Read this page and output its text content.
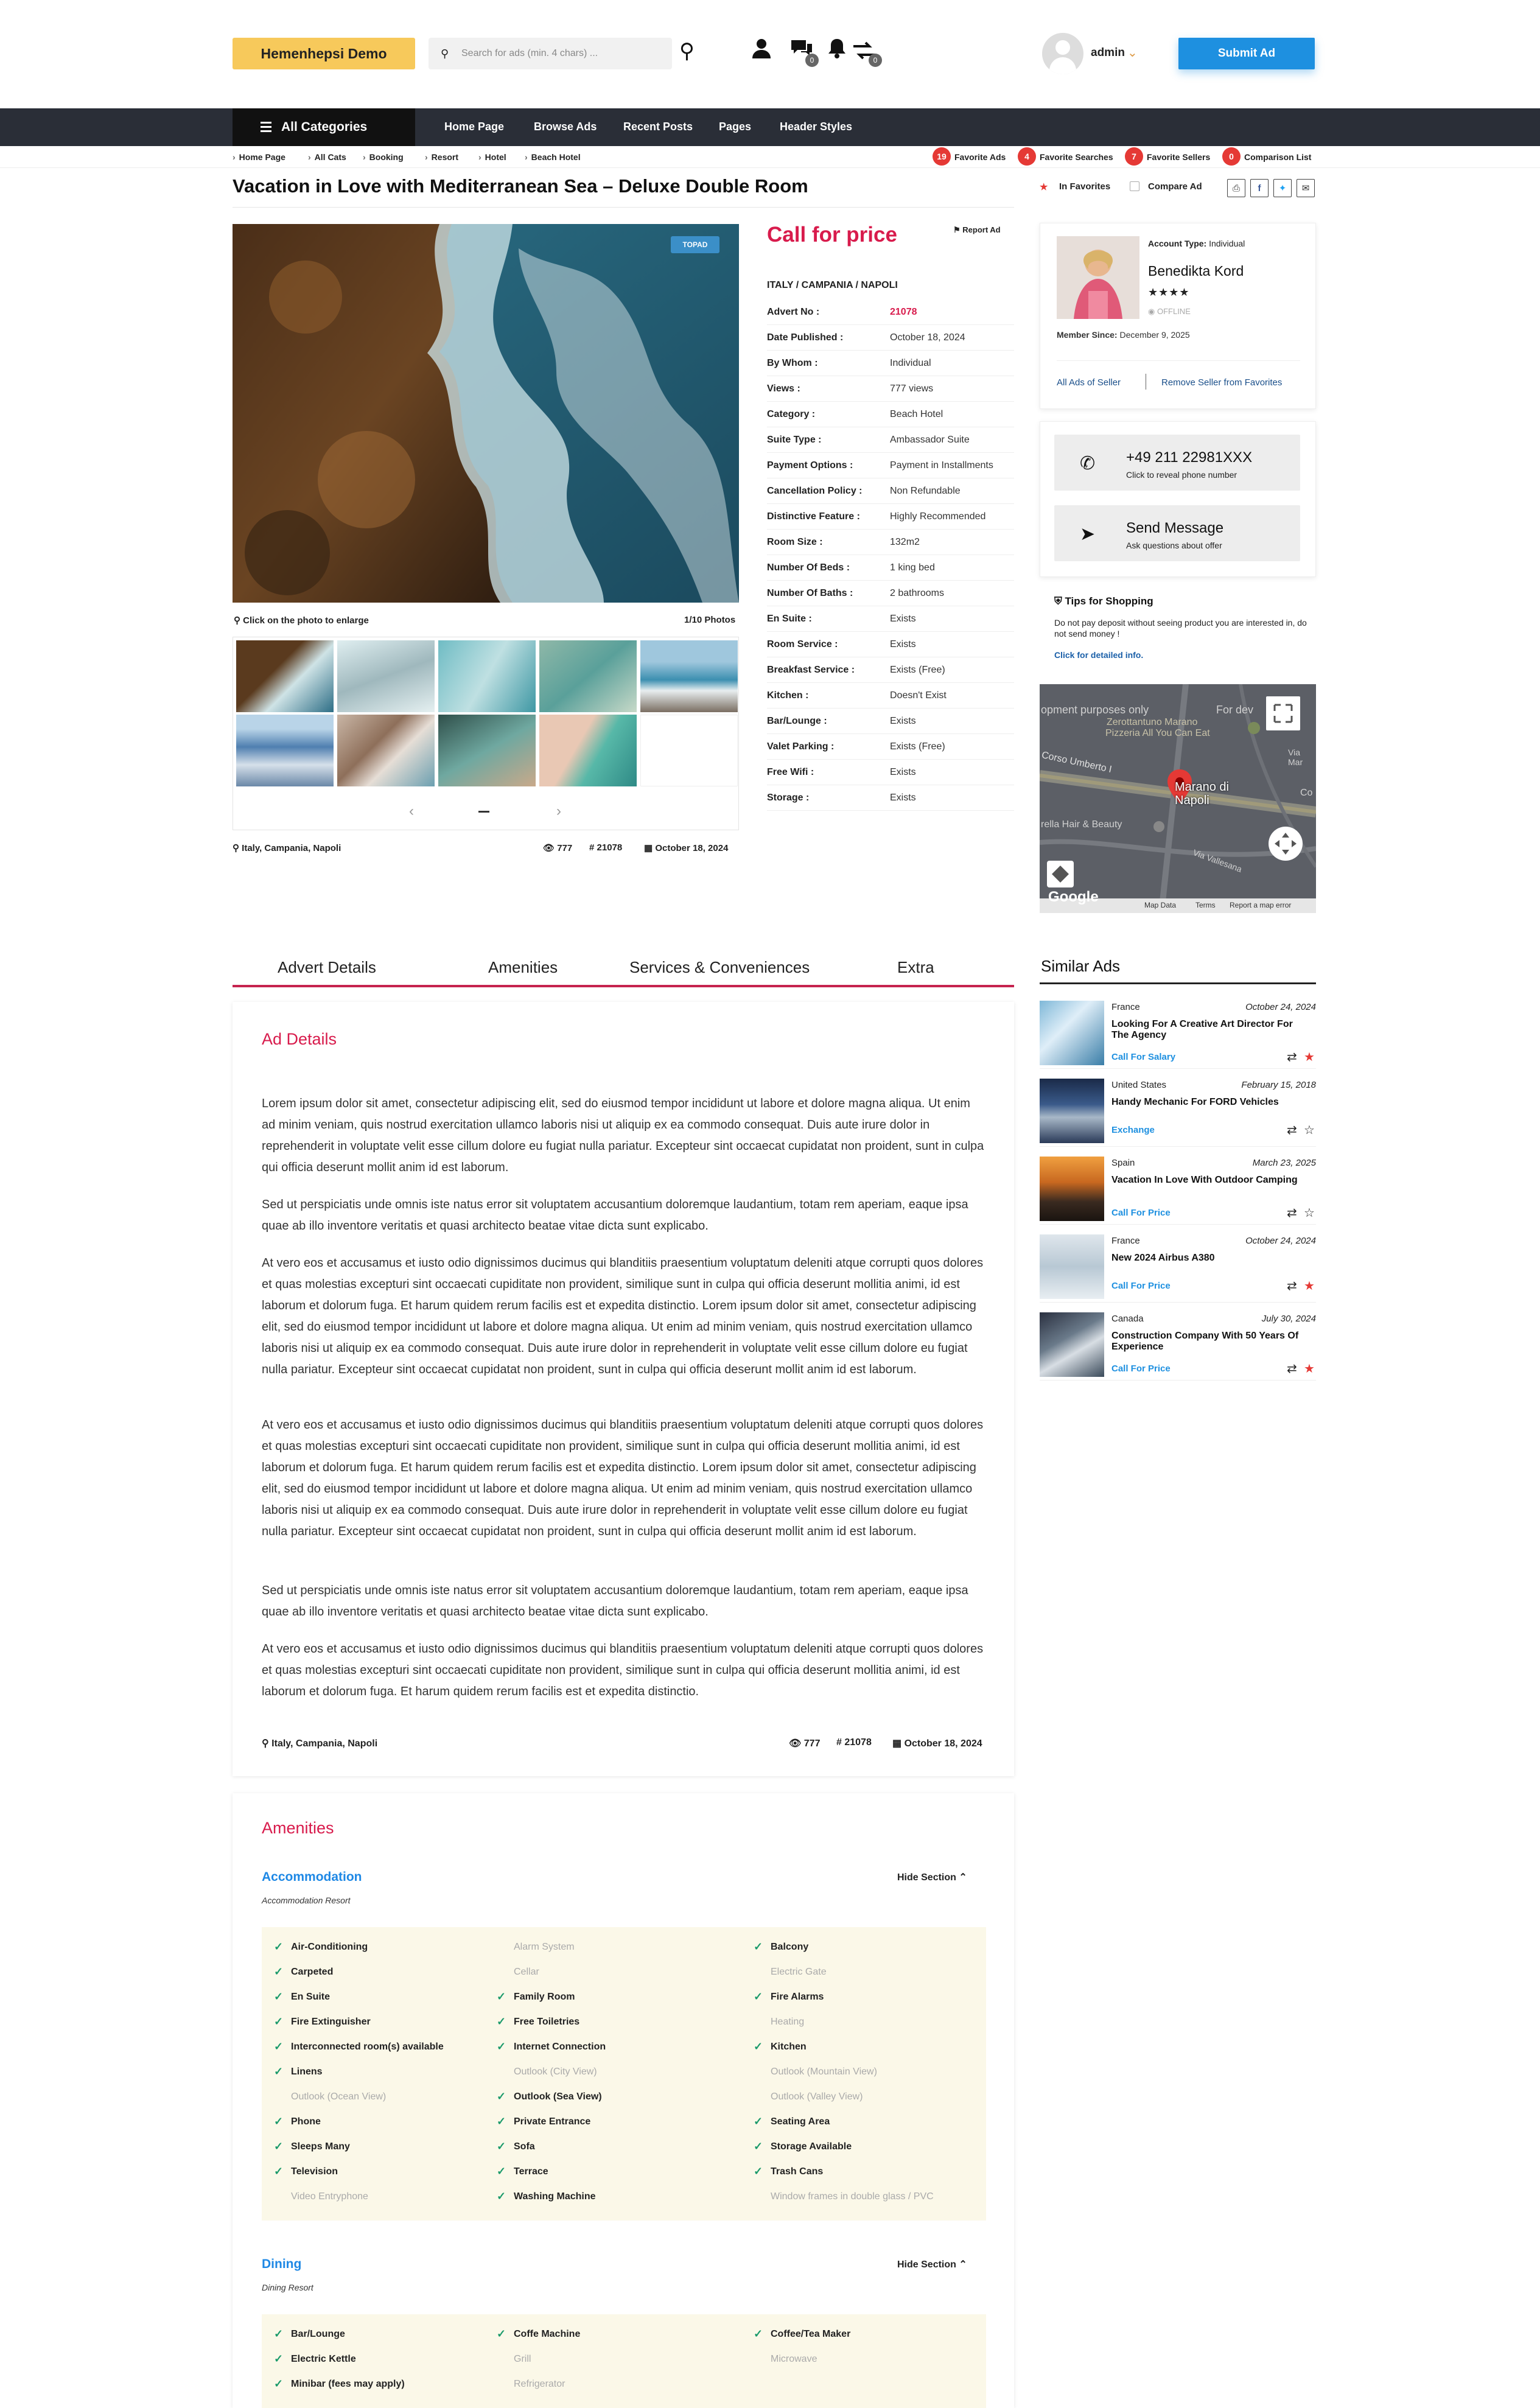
Hemenhepsi Demo	⚲	Search for ads (min. 4 chars) ...	⚲	0	0
admin ⌄	Submit Ad
All Categories	Home Page	Browse Ads Recent Posts Pages	Header Styles
› Home Page	› All Cats	› Booking	› Resort	› Hotel	› Beach Hotel	19 Favorite Ads	4	Favorite Searches	7	Favorite Sellers	0	Comparison List
Vacation in Love with Mediterranean Sea – Deluxe Double Room	★ In Favorites	Compare Ad	⎙	f	✦	✉
TOPAD
⚲ Click on the photo to enlarge	1/10 Photos
‹	›
⚲ Italy, Campania, Napoli	👁 777 # 21078 ▦ October 18, 2024
Call for price	⚑ Report Ad
ITALY / CAMPANIA / NAPOLI
Advert No :	21078
Date Published :	October 18, 2024
By Whom :	Individual
Views :	777 views
Category :	Beach Hotel
Suite Type :	Ambassador Suite
Payment Options :	Payment in Installments
Cancellation Policy :	Non Refundable
Distinctive Feature :	Highly Recommended
Room Size :	132m2
Number Of Beds :	1 king bed
Number Of Baths :	2 bathrooms
En Suite :	Exists
Room Service :	Exists
Breakfast Service :	Exists (Free)
Kitchen :	Doesn't Exist
Bar/Lounge :	Exists
Valet Parking :	Exists (Free)
Free Wifi :	Exists
Storage :	Exists
Account Type: Individual
Benedikta Kord
★★★★
◉ OFFLINE
Member Since: December 9, 2025
All Ads of Seller	Remove Seller from Favorites
✆ +49 211 22981XXX
Click to reveal phone number
➤ Send Message
Ask questions about offer
⛨ Tips for Shopping
Do not pay deposit without seeing product you are interested in, do not send money !
Click for detailed info.
opment purposes only	For dev
Zerottantuno Marano
Pizzeria All You Can Eat
Corso Umberto I
Marano di Napoli
rella Hair & Beauty
Via Vallesana
Via Mar
Co
Google	Map Data	Terms Report a map error
Advert Details	Amenities	Services & Conveniences	Extra	Similar Ads
France	October 24, 2024
Looking For A Creative Art Director For The Agency
Call For Salary	⇄ ★
United States	February 15, 2018
Handy Mechanic For FORD Vehicles
Exchange	⇄ ☆
Spain	March 23, 2025
Vacation In Love With Outdoor Camping
Call For Price	⇄ ☆
France	October 24, 2024
New 2024 Airbus A380
Call For Price	⇄ ★
Canada	July 30, 2024
Construction Company With 50 Years Of Experience
Call For Price	⇄ ★
Ad Details
Lorem ipsum dolor sit amet, consectetur adipiscing elit, sed do eiusmod tempor incididunt ut labore et dolore magna aliqua. Ut enim ad minim veniam, quis nostrud exercitation ullamco laboris nisi ut aliquip ex ea commodo consequat. Duis aute irure dolor in reprehenderit in voluptate velit esse cillum dolore eu fugiat nulla pariatur. Excepteur sint occaecat cupidatat non proident, sunt in culpa qui officia deserunt mollit anim id est laborum.
Sed ut perspiciatis unde omnis iste natus error sit voluptatem accusantium doloremque laudantium, totam rem aperiam, eaque ipsa quae ab illo inventore veritatis et quasi architecto beatae vitae dicta sunt explicabo.
At vero eos et accusamus et iusto odio dignissimos ducimus qui blanditiis praesentium voluptatum deleniti atque corrupti quos dolores et quas molestias excepturi sint occaecati cupiditate non provident, similique sunt in culpa qui officia deserunt mollitia animi, id est laborum et dolorum fuga. Et harum quidem rerum facilis est et expedita distinctio. Lorem ipsum dolor sit amet, consectetur adipiscing elit, sed do eiusmod tempor incididunt ut labore et dolore magna aliqua. Ut enim ad minim veniam, quis nostrud exercitation ullamco laboris nisi ut aliquip ex ea commodo consequat. Duis aute irure dolor in reprehenderit in voluptate velit esse cillum dolore eu fugiat nulla pariatur. Excepteur sint occaecat cupidatat non proident, sunt in culpa qui officia deserunt mollit anim id est laborum.
At vero eos et accusamus et iusto odio dignissimos ducimus qui blanditiis praesentium voluptatum deleniti atque corrupti quos dolores et quas molestias excepturi sint occaecati cupiditate non provident, similique sunt in culpa qui officia deserunt mollitia animi, id est laborum et dolorum fuga. Et harum quidem rerum facilis est et expedita distinctio. Lorem ipsum dolor sit amet, consectetur adipiscing elit, sed do eiusmod tempor incididunt ut labore et dolore magna aliqua. Ut enim ad minim veniam, quis nostrud exercitation ullamco laboris nisi ut aliquip ex ea commodo consequat. Duis aute irure dolor in reprehenderit in voluptate velit esse cillum dolore eu fugiat nulla pariatur. Excepteur sint occaecat cupidatat non proident, sunt in culpa qui officia deserunt mollit anim id est laborum.
Sed ut perspiciatis unde omnis iste natus error sit voluptatem accusantium doloremque laudantium, totam rem aperiam, eaque ipsa quae ab illo inventore veritatis et quasi architecto beatae vitae dicta sunt explicabo.
At vero eos et accusamus et iusto odio dignissimos ducimus qui blanditiis praesentium voluptatum deleniti atque corrupti quos dolores et quas molestias excepturi sint occaecati cupiditate non provident, similique sunt in culpa qui officia deserunt mollitia animi, id est laborum et dolorum fuga. Et harum quidem rerum facilis est et expedita distinctio.
⚲ Italy, Campania, Napoli	👁 777 # 21078 ▦ October 18, 2024
Amenities
Accommodation
Accommodation Resort
Hide Section ⌃
Dining
Dining Resort
Hide Section ⌃
✓ Air-Conditioning	Alarm System	✓ Balcony
✓ Carpeted	Cellar	Electric Gate
✓ En Suite	✓ Family Room	✓ Fire Alarms
✓ Fire Extinguisher	✓ Free Toiletries	Heating
✓ Interconnected room(s) available	✓ Internet Connection	✓ Kitchen
✓ Linens	Outlook (City View)	Outlook (Mountain View)
Outlook (Ocean View)	✓ Outlook (Sea View)	Outlook (Valley View)
✓ Phone	✓ Private Entrance	✓ Seating Area
✓ Sleeps Many	✓ Sofa	✓ Storage Available
✓ Television	✓ Terrace	✓ Trash Cans
Video Entryphone	✓ Washing Machine	Window frames in double glass / PVC
✓ Bar/Lounge	✓ Coffe Machine	✓ Coffee/Tea Maker
✓ Electric Kettle	Grill	Microwave
✓ Minibar (fees may apply)	Refrigerator
